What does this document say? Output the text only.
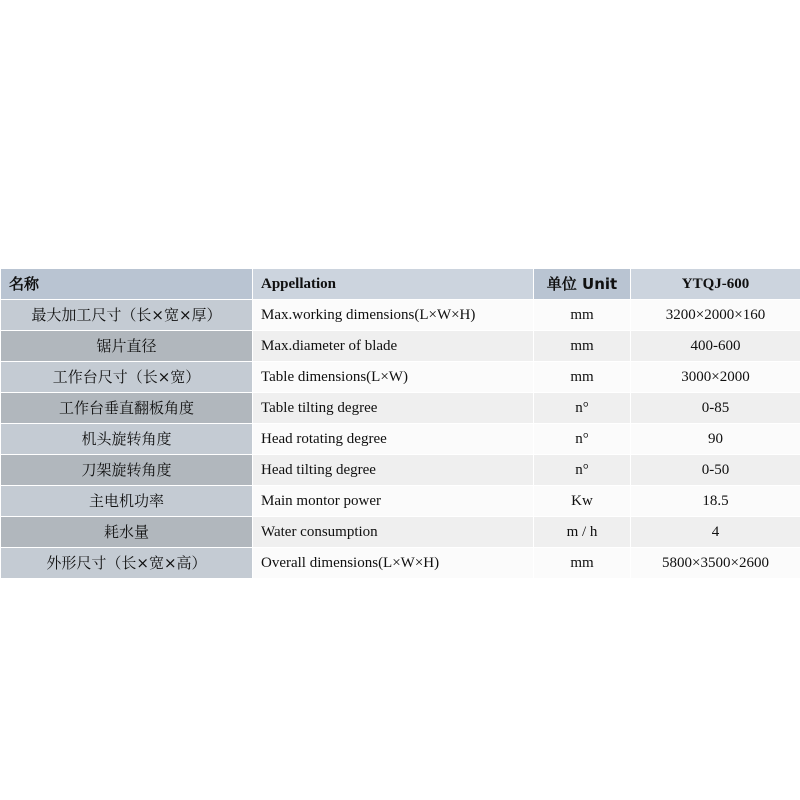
名称	Appellation	单位 Unit	YTQJ-600
最大加工尺寸（长×宽×厚）	Max.working dimensions(L×W×H)	mm	3200×2000×160
锯片直径	Max.diameter of blade	mm	400-600
工作台尺寸（长×宽）	Table dimensions(L×W)	mm	3000×2000
工作台垂直翻板角度	Table tilting degree	n°	0-85
机头旋转角度	Head rotating degree	n°	90
刀架旋转角度	Head tilting degree	n°	0-50
主电机功率	Main montor power	Kw	18.5
耗水量	Water consumption	m / h	4
外形尺寸（长×宽×高）	Overall dimensions(L×W×H)	mm	5800×3500×2600
